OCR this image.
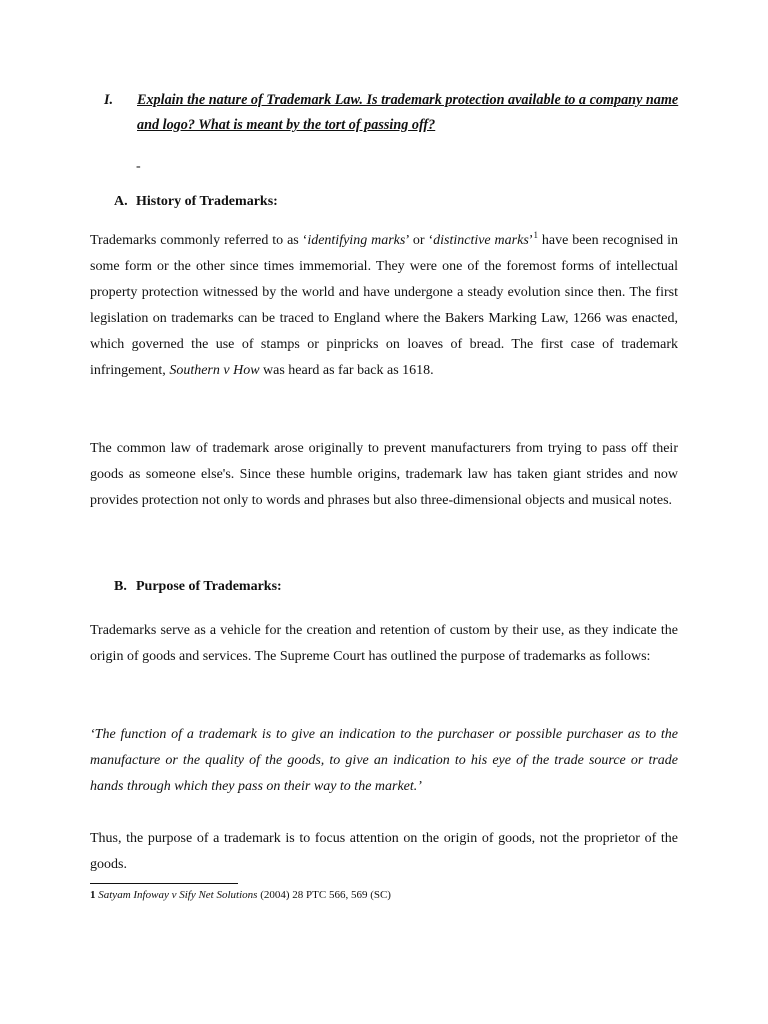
I. Explain the nature of Trademark Law. Is trademark protection available to a company name and logo? What is meant by the tort of passing off?
-
A. History of Trademarks:

Trademarks commonly referred to as ‘identifying marks’ or ‘distinctive marks’$^1$ have been recognised in some form or the other since times immemorial. They were one of the foremost forms of intellectual property protection witnessed by the world and have undergone a steady evolution since then. The first legislation on trademarks can be traced to England where the Bakers Marking Law, 1266 was enacted, which governed the use of stamps or pinpricks on loaves of bread. The first case of trademark infringement, Southern v How was heard as far back as 1618.

The common law of trademark arose originally to prevent manufacturers from trying to pass off their goods as someone else's. Since these humble origins, trademark law has taken giant strides and now provides protection not only to words and phrases but also three-dimensional objects and musical notes.

B. Purpose of Trademarks:

Trademarks serve as a vehicle for the creation and retention of custom by their use, as they indicate the origin of goods and services. The Supreme Court has outlined the purpose of trademarks as follows:

‘The function of a trademark is to give an indication to the purchaser or possible purchaser as to the manufacture or the quality of the goods, to give an indication to his eye of the trade source or trade hands through which they pass on their way to the market.’

Thus, the purpose of a trademark is to focus attention on the origin of goods, not the proprietor of the goods.

1 Satyam Infoway v Sify Net Solutions (2004) 28 PTC 566, 569 (SC)
